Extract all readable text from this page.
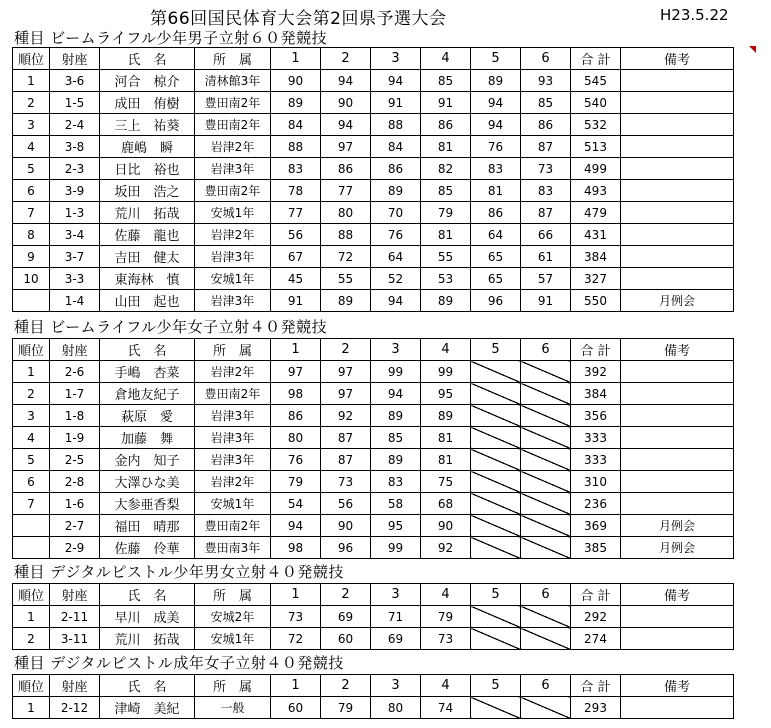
第66回国民体育大会第2回県予選大会	H23.5.22
種目 ビームライフル少年男子立射６０発競技
順位	射座	氏　名	所　属	1	2	3	4	5	6	合 計	備考
1	3-6	河合　椋介	清林館3年	90	94	94	85	89	93	545	
2	1-5	成田　侑樹	豊田南2年	89	90	91	91	94	85	540	
3	2-4	三上　祐葵	豊田南2年	84	94	88	86	94	86	532	
4	3-8	鹿嶋　瞬	岩津2年	88	97	84	81	76	87	513	
5	2-3	日比　裕也	岩津3年	83	86	86	82	83	73	499	
6	3-9	坂田　浩之	豊田南2年	78	77	89	85	81	83	493	
7	1-3	荒川　拓哉	安城1年	77	80	70	79	86	87	479	
8	3-4	佐藤　龍也	岩津2年	56	88	76	81	64	66	431	
9	3-7	吉田　健太	岩津3年	67	72	64	55	65	61	384	
10	3-3	東海林　慎	安城1年	45	55	52	53	65	57	327	
	1-4	山田　起也	岩津3年	91	89	94	89	96	91	550	月例会
種目 ビームライフル少年女子立射４０発競技
順位	射座	氏　名	所　属	1	2	3	4	5	6	合 計	備考
1	2-6	手嶋　杏菜	岩津2年	97	97	99	99			392	
2	1-7	倉地友紀子	豊田南2年	98	97	94	95			384	
3	1-8	萩原　愛	岩津3年	86	92	89	89			356	
4	1-9	加藤　舞	岩津3年	80	87	85	81			333	
5	2-5	金内　知子	岩津3年	76	87	89	81			333	
6	2-8	大澤ひな美	岩津2年	79	73	83	75			310	
7	1-6	大参亜香梨	安城1年	54	56	58	68			236	
	2-7	福田　晴那	豊田南2年	94	90	95	90			369	月例会
	2-9	佐藤　伶華	豊田南3年	98	96	99	92			385	月例会
種目 デジタルピストル少年男女立射４０発競技
順位	射座	氏　名	所　属	1	2	3	4	5	6	合 計	備考
1	2-11	早川　成美	安城2年	73	69	71	79			292	
2	3-11	荒川　拓哉	安城1年	72	60	69	73			274	
種目 デジタルピストル成年女子立射４０発競技
順位	射座	氏　名	所　属	1	2	3	4	5	6	合 計	備考
1	2-12	津崎　美紀	一般	60	79	80	74			293	
